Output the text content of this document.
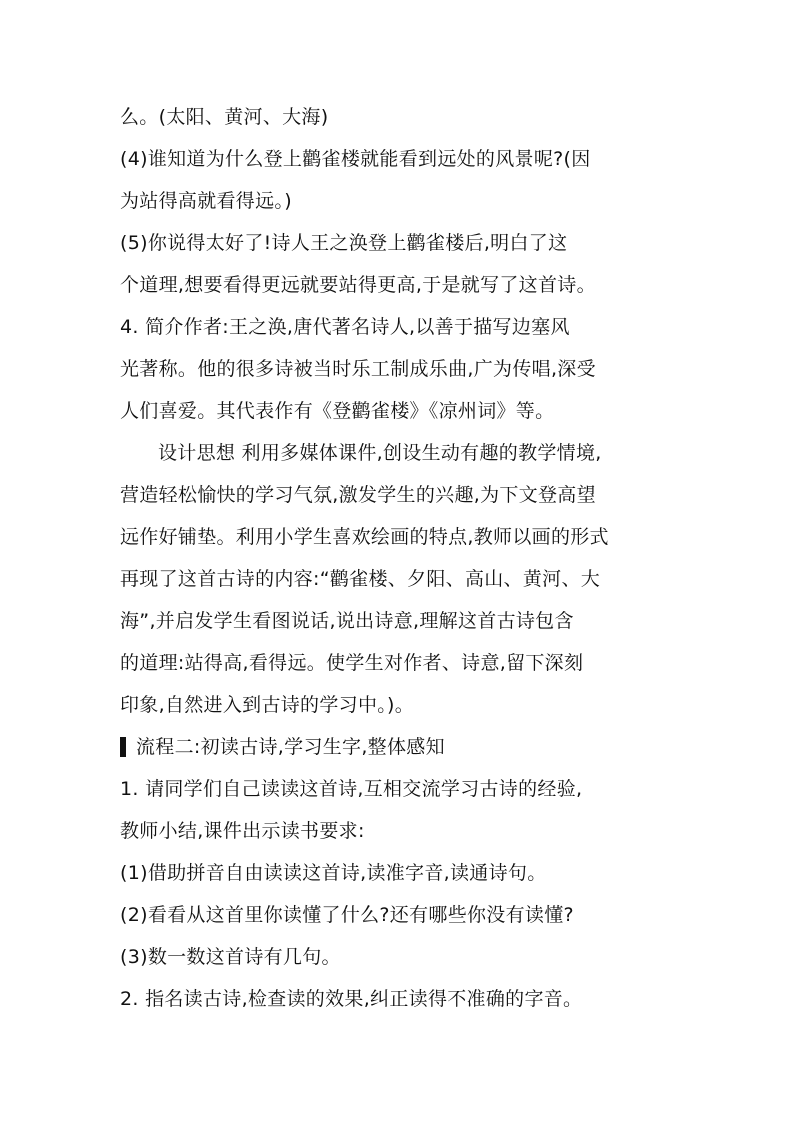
么。(太阳、黄河、大海)
(4)谁知道为什么登上鹳雀楼就能看到远处的风景呢?(因
为站得高就看得远。)
(5)你说得太好了!诗人王之涣登上鹳雀楼后,明白了这
个道理,想要看得更远就要站得更高,于是就写了这首诗。
4. 简介作者:王之涣,唐代著名诗人,以善于描写边塞风
光著称。他的很多诗被当时乐工制成乐曲,广为传唱,深受
人们喜爱。其代表作有《登鹳雀楼》《凉州词》等。
设计思想 利用多媒体课件,创设生动有趣的教学情境,
营造轻松愉快的学习气氛,激发学生的兴趣,为下文登高望
远作好铺垫。利用小学生喜欢绘画的特点,教师以画的形式
再现了这首古诗的内容:“鹳雀楼、夕阳、高山、黄河、大
海”,并启发学生看图说话,说出诗意,理解这首古诗包含
的道理:站得高,看得远。使学生对作者、诗意,留下深刻
印象,自然进入到古诗的学习中。)。
流程二:初读古诗,学习生字,整体感知
1. 请同学们自己读读这首诗,互相交流学习古诗的经验,
教师小结,课件出示读书要求:
(1)借助拼音自由读读这首诗,读准字音,读通诗句。
(2)看看从这首里你读懂了什么?还有哪些你没有读懂?
(3)数一数这首诗有几句。
2. 指名读古诗,检查读的效果,纠正读得不准确的字音。
